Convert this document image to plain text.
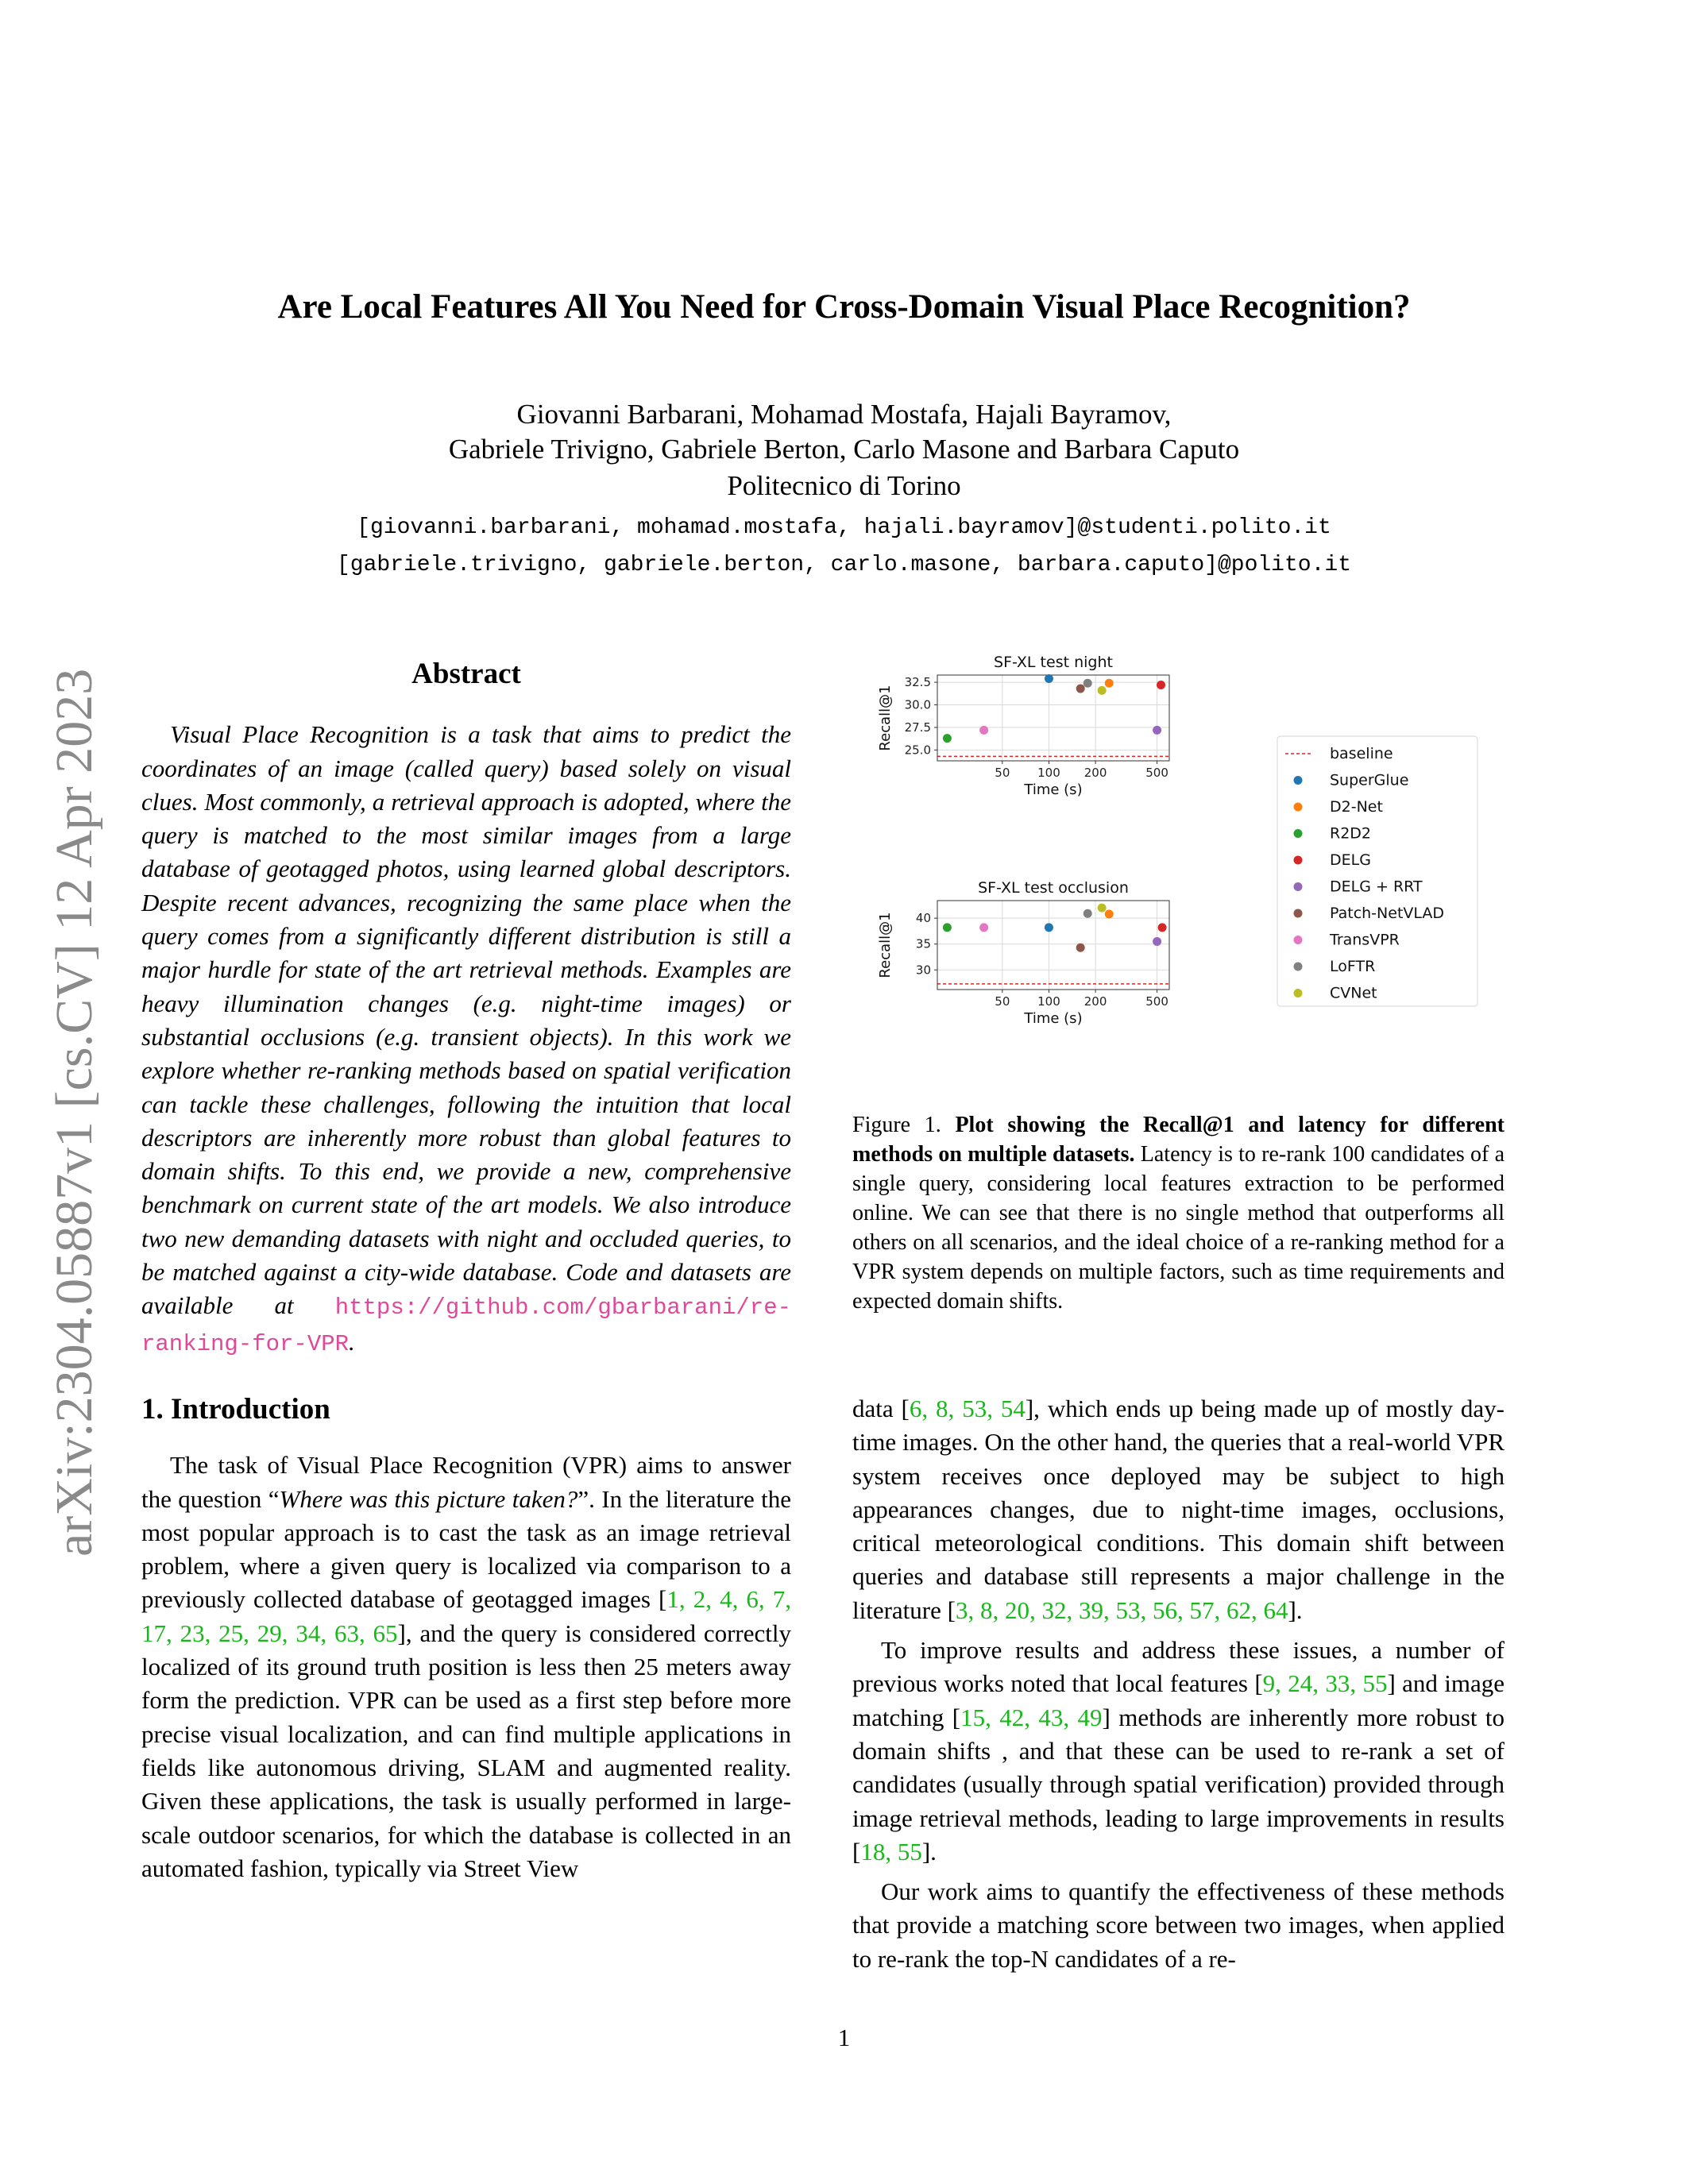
arXiv:2304.05887v1 [cs.CV] 12 Apr 2023
Are Local Features All You Need for Cross-Domain Visual Place Recognition?
Giovanni Barbarani, Mohamad Mostafa, Hajali Bayramov,
Gabriele Trivigno, Gabriele Berton, Carlo Masone and Barbara Caputo
Politecnico di Torino
[giovanni.barbarani, mohamad.mostafa, hajali.bayramov]@studenti.polito.it
[gabriele.trivigno, gabriele.berton, carlo.masone, barbara.caputo]@polito.it
Abstract

Visual Place Recognition is a task that aims to predict the coordinates of an image (called query) based solely on visual clues. Most commonly, a retrieval approach is adopted, where the query is matched to the most similar images from a large database of geotagged photos, using learned global descriptors. Despite recent advances, recognizing the same place when the query comes from a significantly different distribution is still a major hurdle for state of the art retrieval methods. Examples are heavy illumination changes (e.g. night-time images) or substantial occlusions (e.g. transient objects). In this work we explore whether re-ranking methods based on spatial verification can tackle these challenges, following the intuition that local descriptors are inherently more robust than global features to domain shifts. To this end, we provide a new, comprehensive benchmark on current state of the art models. We also introduce two new demanding datasets with night and occluded queries, to be matched against a city-wide database. Code and datasets are available at https://github.com/gbarbarani/re-ranking-for-VPR.

1. Introduction

The task of Visual Place Recognition (VPR) aims to answer the question “Where was this picture taken?”. In the literature the most popular approach is to cast the task as an image retrieval problem, where a given query is localized via comparison to a previously collected database of geotagged images [1, 2, 4, 6, 7, 17, 23, 25, 29, 34, 63, 65], and the query is considered correctly localized of its ground truth position is less then 25 meters away form the prediction. VPR can be used as a first step before more precise visual localization, and can find multiple applications in fields like autonomous driving, SLAM and augmented reality. Given these applications, the task is usually performed in large-scale outdoor scenarios, for which the database is collected in an automated fashion, typically via Street View

50 100 200	500
25.0
27.5
30.0
32.5
SF-XL test night
Time (s)
Recall@1
50 100 200	500
30
35
40
SF-XL test occlusion
Time (s)
Recall@1
baseline
SuperGlue
D2-Net
R2D2
DELG
DELG + RRT
Patch-NetVLAD
TransVPR
LoFTR
CVNet
Figure 1. Plot showing the Recall@1 and latency for different methods on multiple datasets. Latency is to re-rank 100 candidates of a single query, considering local features extraction to be performed online. We can see that there is no single method that outperforms all others on all scenarios, and the ideal choice of a re-ranking method for a VPR system depends on multiple factors, such as time requirements and expected domain shifts.

data [6, 8, 53, 54], which ends up being made up of mostly day-time images. On the other hand, the queries that a real-world VPR system receives once deployed may be subject to high appearances changes, due to night-time images, occlusions, critical meteorological conditions. This domain shift between queries and database still represents a major challenge in the literature [3, 8, 20, 32, 39, 53, 56, 57, 62, 64].

To improve results and address these issues, a number of previous works noted that local features [9, 24, 33, 55] and image matching [15, 42, 43, 49] methods are inherently more robust to domain shifts , and that these can be used to re-rank a set of candidates (usually through spatial verification) provided through image retrieval methods, leading to large improvements in results [18, 55].

Our work aims to quantify the effectiveness of these methods that provide a matching score between two images, when applied to re-rank the top-N candidates of a re-

1
